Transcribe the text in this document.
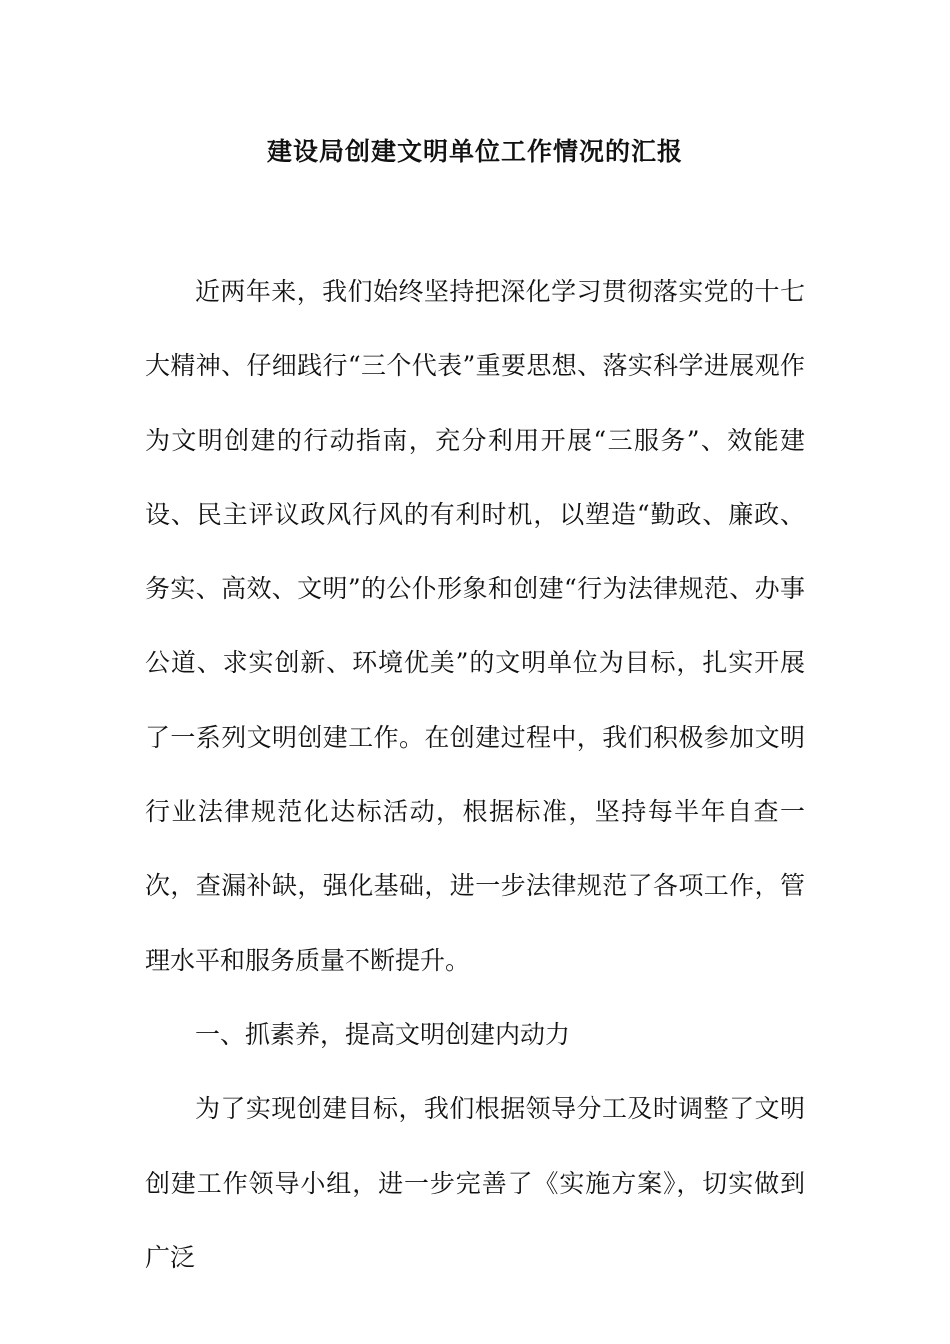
建设局创建文明单位工作情况的汇报

近两年来，我们始终坚持把深化学习贯彻落实党的十七大精神、仔细践行“三个代表”重要思想、落实科学进展观作为文明创建的行动指南，充分利用开展“三服务”、效能建设、民主评议政风行风的有利时机，以塑造“勤政、廉政、务实、高效、文明”的公仆形象和创建“行为法律规范、办事公道、求实创新、环境优美”的文明单位为目标，扎实开展了一系列文明创建工作。在创建过程中，我们积极参加文明行业法律规范化达标活动，根据标准，坚持每半年自查一次，查漏补缺，强化基础，进一步法律规范了各项工作，管理水平和服务质量不断提升。

一、抓素养，提高文明创建内动力

为了实现创建目标，我们根据领导分工及时调整了文明创建工作领导小组，进一步完善了《实施方案》，切实做到广泛
